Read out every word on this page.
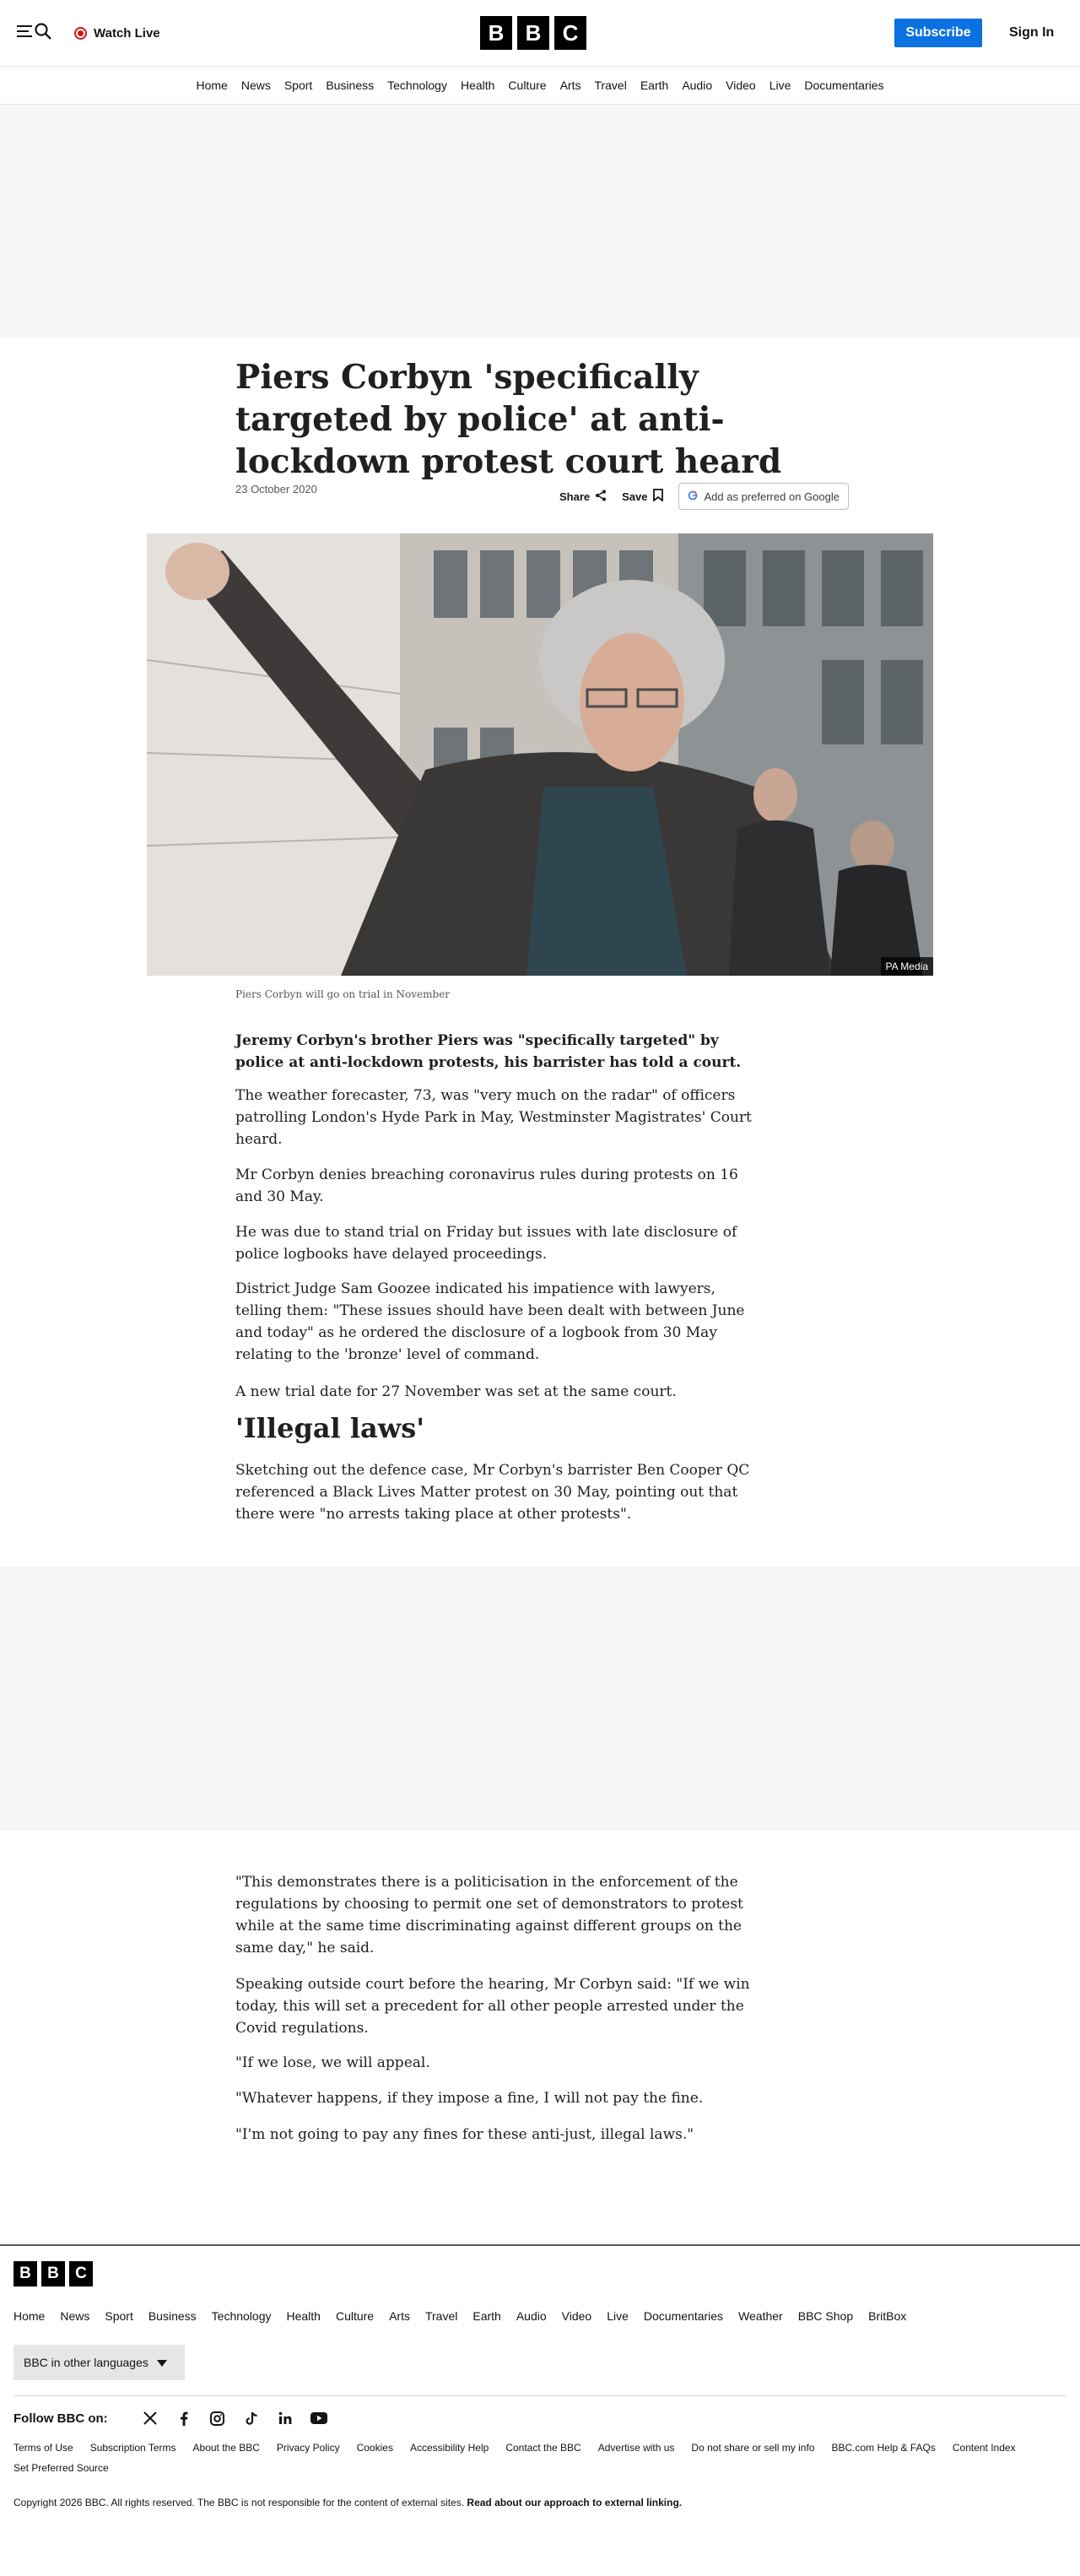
Watch Live	B B C	Subscribe	Sign In
Home	News	Sport	Business	Technology	Health	Culture	Arts	Travel	Earth	Audio	Video	Live	Documentaries
Piers Corbyn 'specifically targeted by police' at anti-lockdown protest court heard
23 October 2020
Share	Save	Add as preferred on Google
PA Media
Piers Corbyn will go on trial in November

Jeremy Corbyn's brother Piers was "specifically targeted" by police at anti-lockdown protests, his barrister has told a court.

The weather forecaster, 73, was "very much on the radar" of officers patrolling London's Hyde Park in May, Westminster Magistrates' Court heard.

Mr Corbyn denies breaching coronavirus rules during protests on 16 and 30 May.

He was due to stand trial on Friday but issues with late disclosure of police logbooks have delayed proceedings.

District Judge Sam Goozee indicated his impatience with lawyers, telling them: "These issues should have been dealt with between June and today" as he ordered the disclosure of a logbook from 30 May relating to the 'bronze' level of command.

A new trial date for 27 November was set at the same court.

'Illegal laws'

Sketching out the defence case, Mr Corbyn's barrister Ben Cooper QC referenced a Black Lives Matter protest on 30 May, pointing out that there were "no arrests taking place at other protests".

"This demonstrates there is a politicisation in the enforcement of the regulations by choosing to permit one set of demonstrators to protest while at the same time discriminating against different groups on the same day," he said.

Speaking outside court before the hearing, Mr Corbyn said: "If we win today, this will set a precedent for all other people arrested under the Covid regulations.

"If we lose, we will appeal.

"Whatever happens, if they impose a fine, I will not pay the fine.

"I'm not going to pay any fines for these anti-just, illegal laws."

B	B	C
Home News Sport Business Technology Health Culture Arts Travel Earth Audio Video Live Documentaries Weather BBC Shop BritBox
BBC in other languages
Follow BBC on:
Terms of Use Subscription Terms About the BBC Privacy Policy Cookies Accessibility Help Contact the BBC Advertise with us Do not share or sell my info BBC.com Help & FAQs Content Index
Set Preferred Source
Copyright 2026 BBC. All rights reserved. The BBC is not responsible for the content of external sites. Read about our approach to external linking.
